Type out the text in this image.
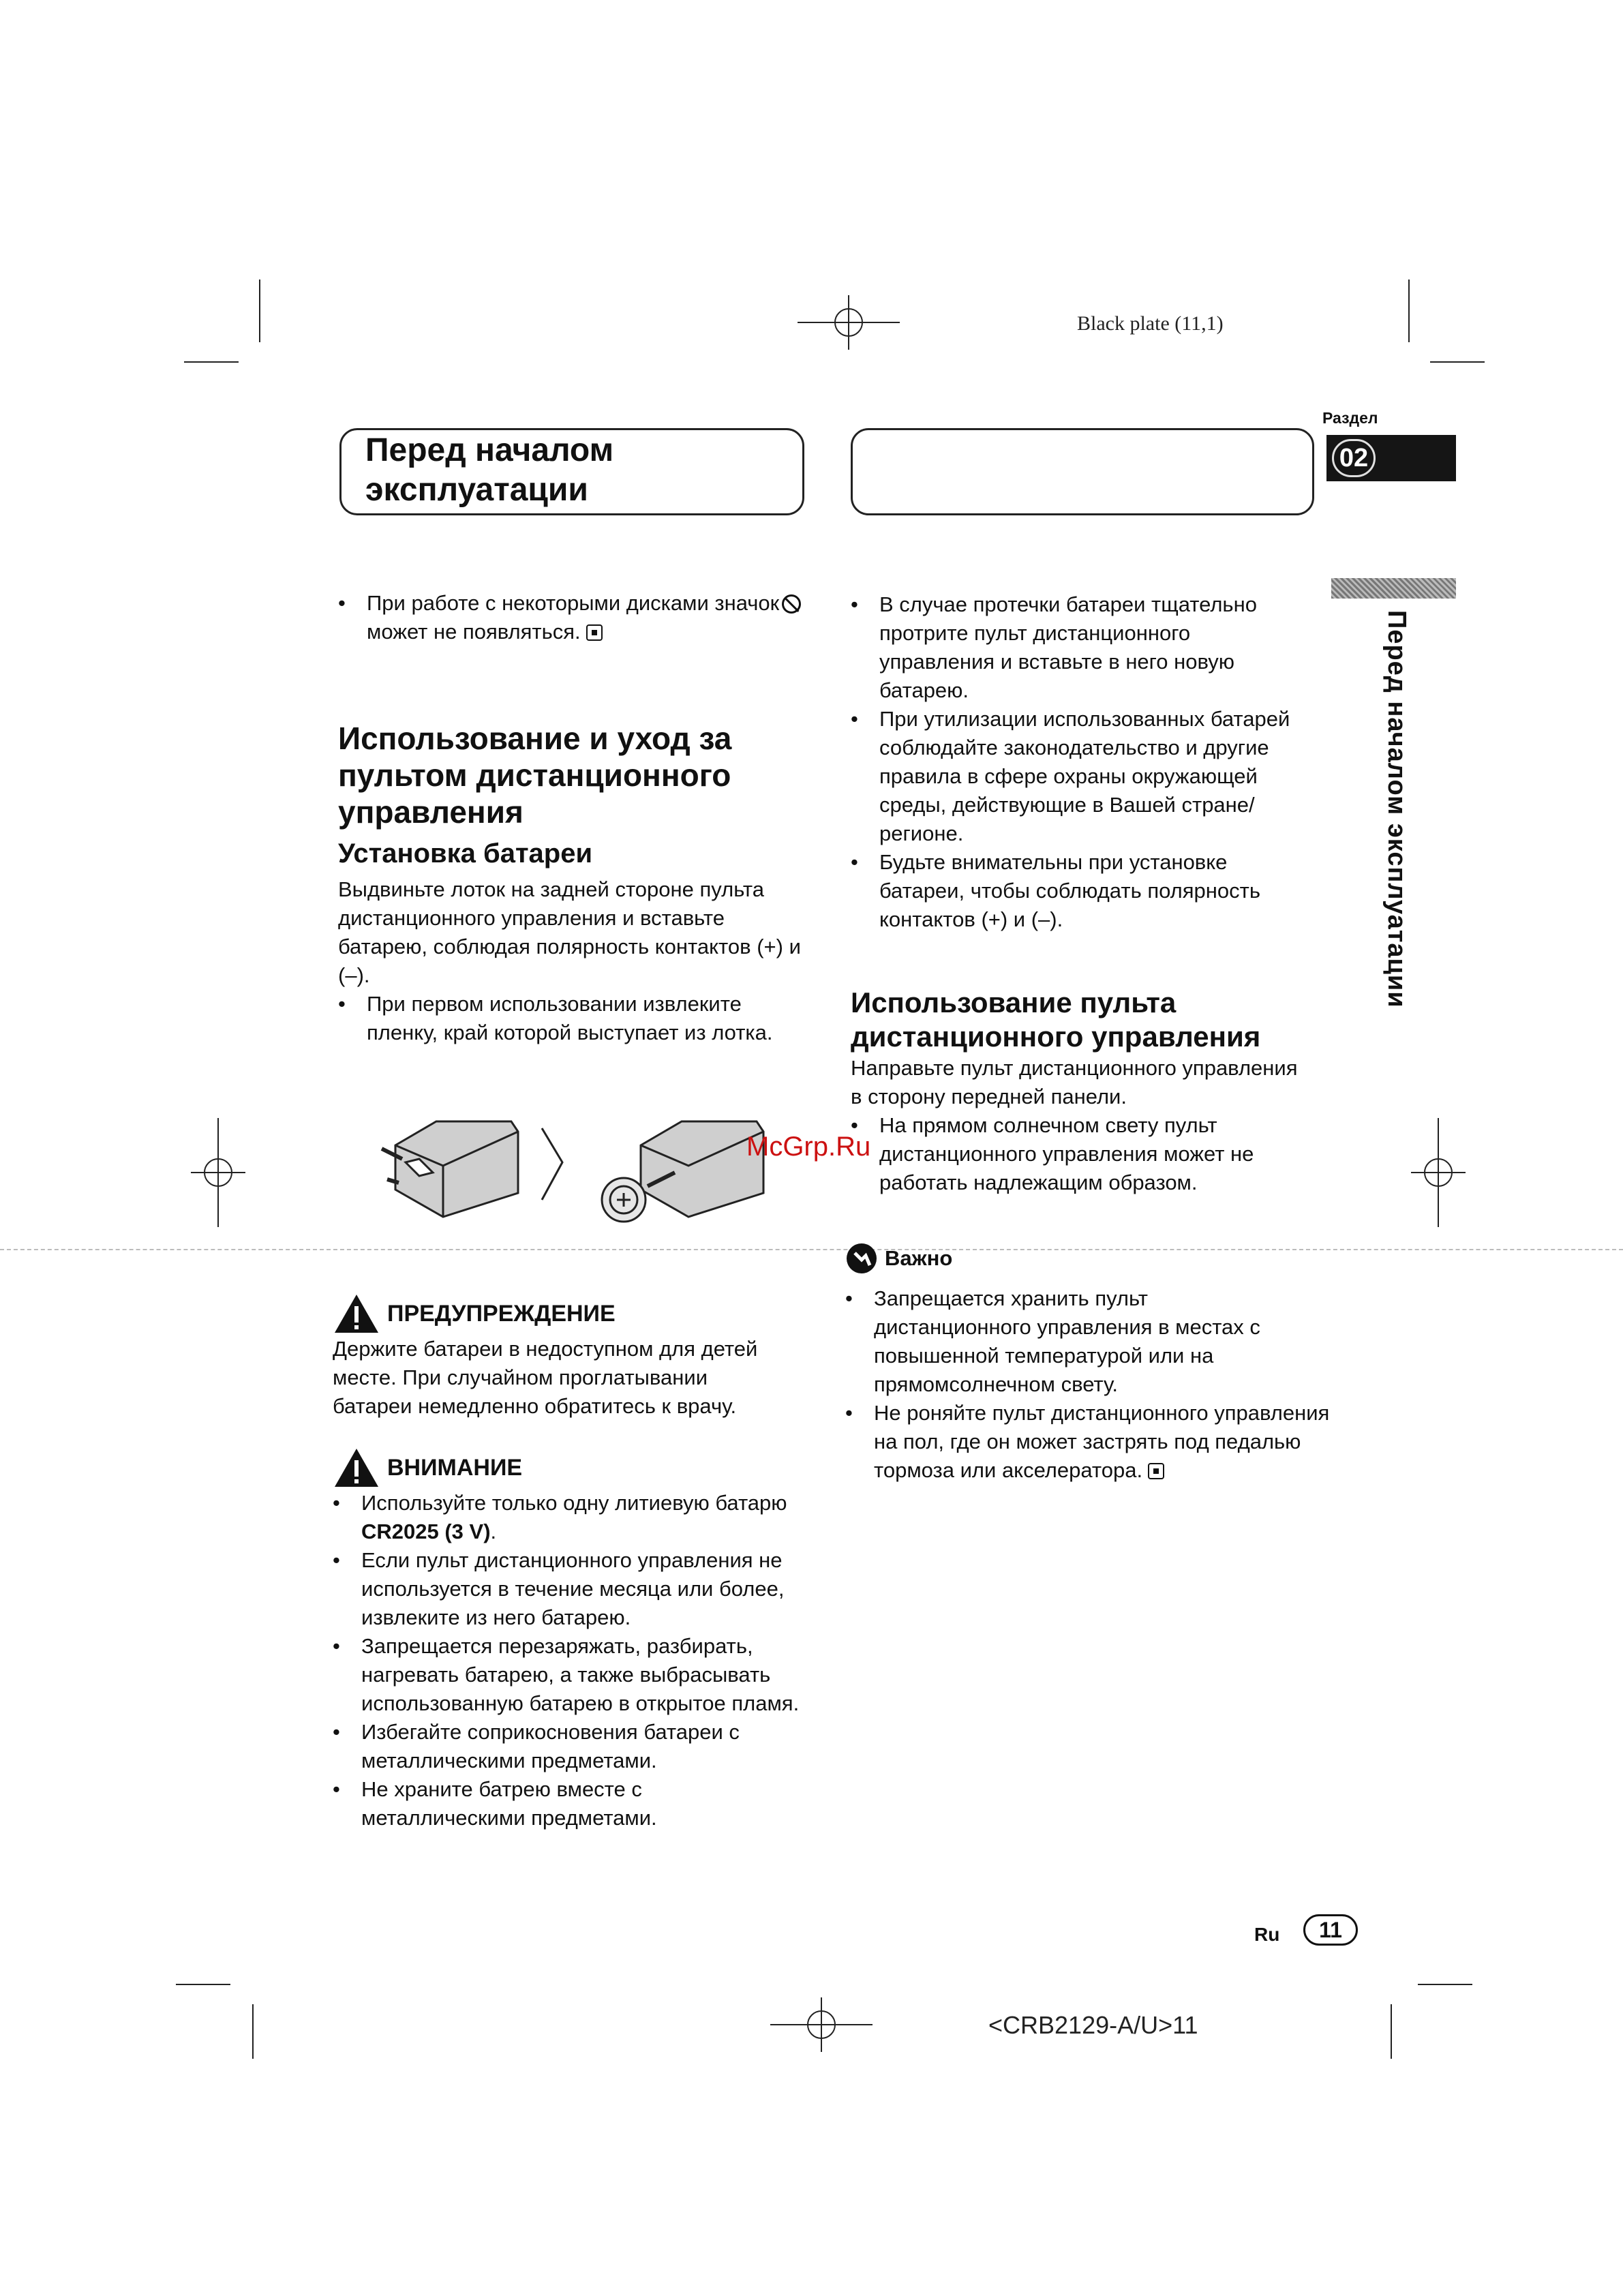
Black plate (11,1)
Перед началом
эксплуатации
Раздел
02
Перед началом эксплуатации
• При работе с некоторыми дисками значокможет не появляться.
Использование и уход за пультом дистанционного управления
Установка батареи

Выдвиньте лоток на задней стороне пульта дистанционного управления и вставьте батарею, соблюдая полярность контактов (+) и (–).

• При первом использовании извлеките пленку, край которой выступает из лотка.
McGrp.Ru
ПРЕДУПРЕЖДЕНИЕ

Держите батареи в недоступном для детей месте. При случайном проглатывании батареи немедленно обратитесь к врачу.

ВНИМАНИЕ
• Используйте только одну литиевую батарю CR2025 (3 V).
• Если пульт дистанционного управления не используется в течение месяца или более, извлеките из него батарею.
• Запрещается перезаряжать, разбирать, нагревать батарею, а также выбрасывать использованную батарею в открытое пламя.
• Избегайте соприкосновения батареи с металлическими предметами.
• Не храните батрею вместе с металлическими предметами.
• В случае протечки батареи тщательно протрите пульт дистанционного управления и вставьте в него новую батарею.
• При утилизации использованных батарей соблюдайте законодательство и другие правила в сфере охраны окружающей среды, действующие в Вашей стране/регионе.
• Будьте внимательны при установке батареи, чтобы соблюдать полярность контактов (+) и (–).
Использование пульта дистанционного управления

Направьте пульт дистанционного управления в сторону передней панели.

• На прямом солнечном свету пульт дистанционного управления может не работать надлежащим образом.
Важно
• Запрещается хранить пульт дистанционного управления в местах с повышенной температурой или на прямомсолнечном свету.
• Не роняйте пульт дистанционного управления на пол, где он может застрять под педалью тормоза или акселератора.
Ru	11
<CRB2129-A/U>11
